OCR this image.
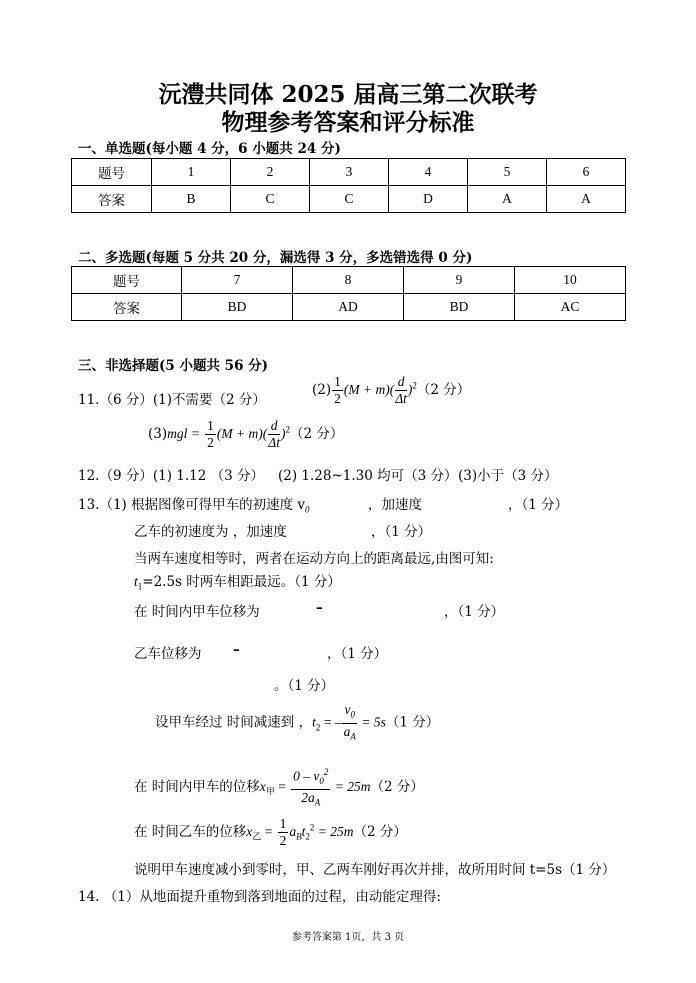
沅澧共同体 2025 届高三第二次联考
物理参考答案和评分标准
一、单选题(每小题 4 分，6 小题共 24 分)
题号	1	2	3	4	5	6
答案	B	C	C	D	A	A
二、多选题(每题 5 分共 20 分，漏选得 3 分，多选错选得 0 分)
题号	7	8	9	10
答案	BD	AD	BD	AC
三、非选择题(5 小题共 56 分)
11.（6 分）(1)不需要（2 分）
$(2) \frac{1}{2} (M + m)( \frac{d}{\Delta t} )^2(2$ 分）
$(3)mgl = \frac{1}{2} (M + m)( \frac{d}{\Delta t} )^2(2$ 分）
12.（9 分）(1) 1.12 （3 分） (2) 1.28~1.30 均可（3 分） (3)小于（3 分）
13.（1) 根据图像可得甲车的初速度 $v_0$	，加速度	，（1 分）
乙车的初速度为 ，加速度	，（1 分）
当两车速度相等时，两者在运动方向上的距离最远,由图可知:
$t_1=2.5s$ 时两车相距最远。（1 分）
在 时间内甲车位移为	–	，（1 分）
乙车位移为 –	，（1 分）
。（1 分）
设甲车经过 时间减速到 ，$t_2$ = – $\frac{v_0}{a_A} = 5s(1$ 分）
在 时间内甲车的位移$x_甲 = \frac{0 - v_0^2}{2a_A} = 25m(2$ 分）
在 时间乙车的位移$x_乙 = \frac{1}{2} a_Bt_2^2 = 25m(2$ 分）
说明甲车速度减小到零时，甲、乙两车刚好再次并排，故所用时间 t=5s（1 分）
14. （1）从地面提升重物到落到地面的过程，由动能定理得:
参考答案第 1页，共 3 页
